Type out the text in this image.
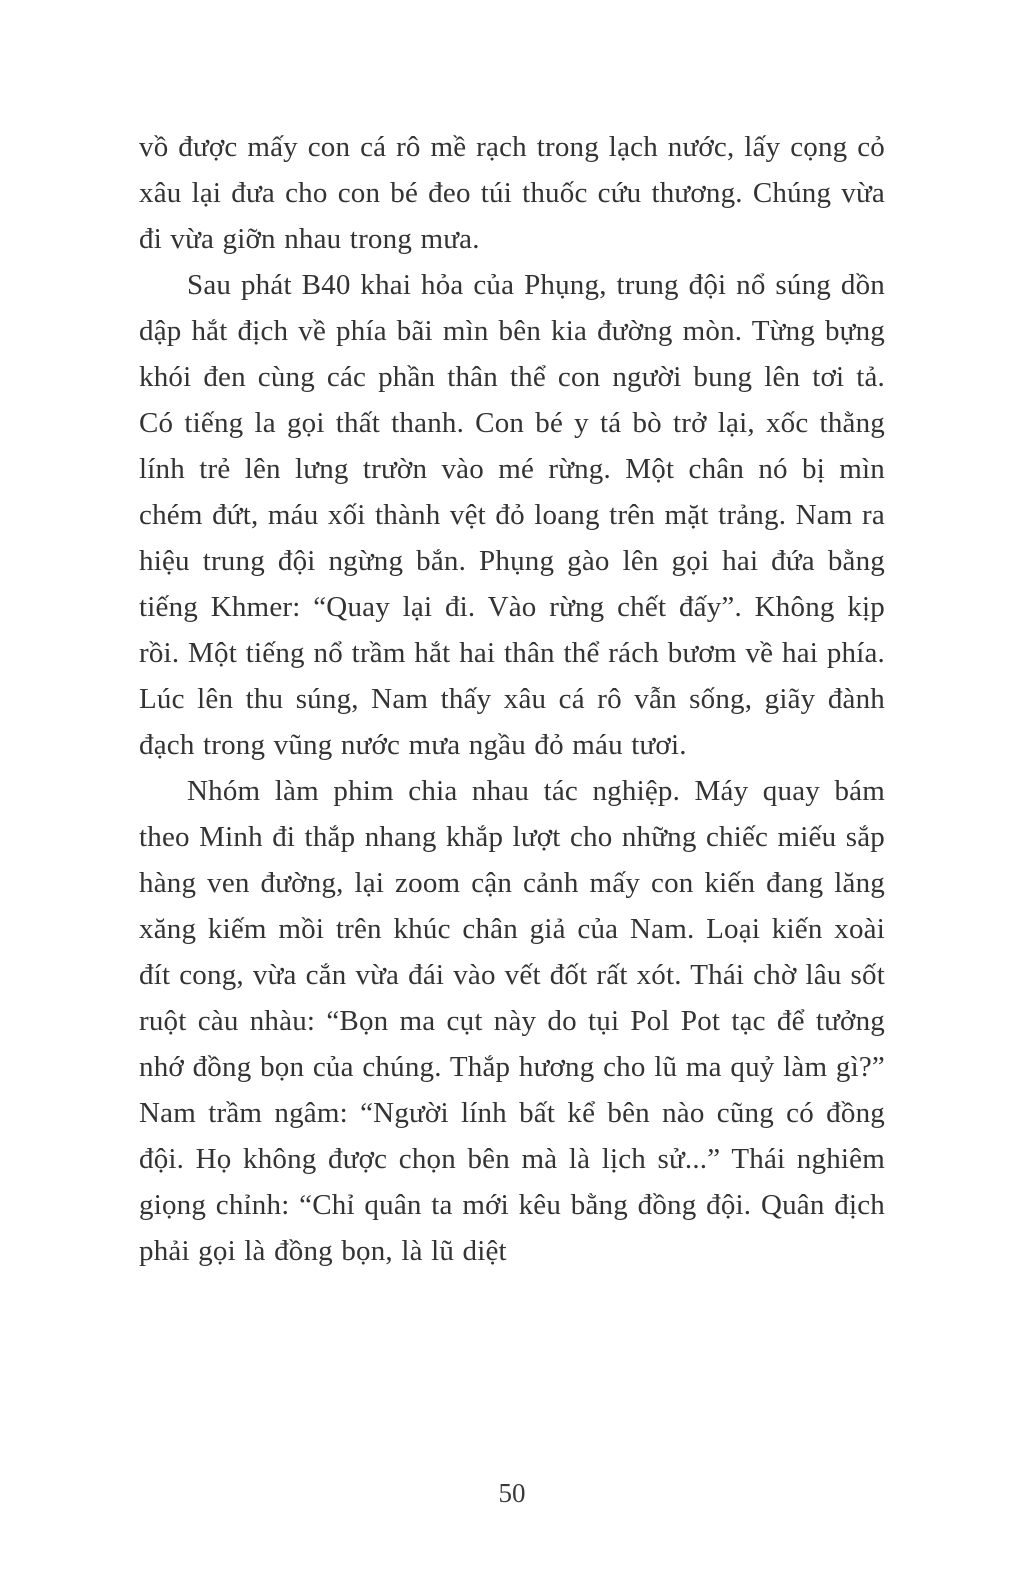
vồ được mấy con cá rô mề rạch trong lạch nước, lấy cọng cỏ xâu lại đưa cho con bé đeo túi thuốc cứu thương. Chúng vừa đi vừa giỡn nhau trong mưa.

Sau phát B40 khai hỏa của Phụng, trung đội nổ súng dồn dập hắt địch về phía bãi mìn bên kia đường mòn. Từng bựng khói đen cùng các phần thân thể con người bung lên tơi tả. Có tiếng la gọi thất thanh. Con bé y tá bò trở lại, xốc thằng lính trẻ lên lưng trườn vào mé rừng. Một chân nó bị mìn chém đứt, máu xối thành vệt đỏ loang trên mặt trảng. Nam ra hiệu trung đội ngừng bắn. Phụng gào lên gọi hai đứa bằng tiếng Khmer: “Quay lại đi. Vào rừng chết đấy”. Không kịp rồi. Một tiếng nổ trầm hắt hai thân thể rách bươm về hai phía. Lúc lên thu súng, Nam thấy xâu cá rô vẫn sống, giãy đành đạch trong vũng nước mưa ngầu đỏ máu tươi.

Nhóm làm phim chia nhau tác nghiệp. Máy quay bám theo Minh đi thắp nhang khắp lượt cho những chiếc miếu sắp hàng ven đường, lại zoom cận cảnh mấy con kiến đang lăng xăng kiếm mồi trên khúc chân giả của Nam. Loại kiến xoài đít cong, vừa cắn vừa đái vào vết đốt rất xót. Thái chờ lâu sốt ruột càu nhàu: “Bọn ma cụt này do tụi Pol Pot tạc để tưởng nhớ đồng bọn của chúng. Thắp hương cho lũ ma quỷ làm gì?” Nam trầm ngâm: “Người lính bất kể bên nào cũng có đồng đội. Họ không được chọn bên mà là lịch sử...” Thái nghiêm giọng chỉnh: “Chỉ quân ta mới kêu bằng đồng đội. Quân địch phải gọi là đồng bọn, là lũ diệt

50
